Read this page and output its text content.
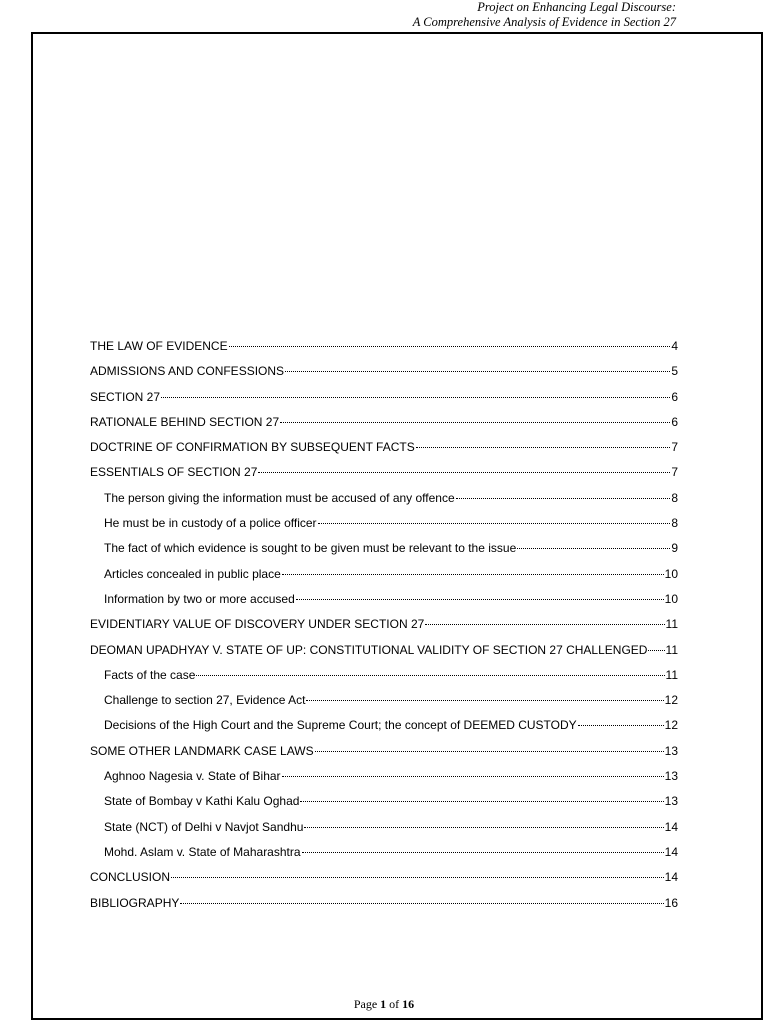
Project on Enhancing Legal Discourse:
A Comprehensive Analysis of Evidence in Section 27
THE LAW OF EVIDENCE	4
ADMISSIONS AND CONFESSIONS	5
SECTION 27	6
RATIONALE BEHIND SECTION 27	6
DOCTRINE OF CONFIRMATION BY SUBSEQUENT FACTS	7
ESSENTIALS OF SECTION 27	7
The person giving the information must be accused of any offence	8
He must be in custody of a police officer	8
The fact of which evidence is sought to be given must be relevant to the issue	9
Articles concealed in public place	10
Information by two or more accused	10
EVIDENTIARY VALUE OF DISCOVERY UNDER SECTION 27	11
DEOMAN UPADHYAY V. STATE OF UP: CONSTITUTIONAL VALIDITY OF SECTION 27 CHALLENGED 11
Facts of the case	11
Challenge to section 27, Evidence Act	12
Decisions of the High Court and the Supreme Court; the concept of DEEMED CUSTODY	12
SOME OTHER LANDMARK CASE LAWS	13
Aghnoo Nagesia v. State of Bihar	13
State of Bombay v Kathi Kalu Oghad	13
State (NCT) of Delhi v Navjot Sandhu	14
Mohd. Aslam v. State of Maharashtra	14
CONCLUSION	14
BIBLIOGRAPHY	16
Page 1 of 16
